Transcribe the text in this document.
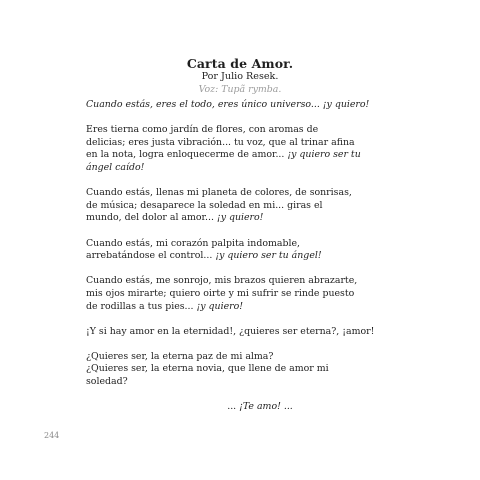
Carta de Amor.
Por Julio Resek.
Voz: Tupã rymba.
Cuando estás, eres el todo, eres único universo... ¡y quiero!
Eres tierna como jardín de flores, con aromas de
delicias; eres justa vibración... tu voz, que al trinar afina
en la nota, logra enloquecerme de amor... ¡y quiero ser tu
ángel caído!
Cuando estás, llenas mi planeta de colores, de sonrisas,
de música; desaparece la soledad en mi... giras el
mundo, del dolor al amor... ¡y quiero!
Cuando estás, mi corazón palpita indomable,
arrebatándose el control... ¡y quiero ser tu ángel!
Cuando estás, me sonrojo, mis brazos quieren abrazarte,
mis ojos mirarte; quiero oirte y mi sufrir se rinde puesto
de rodillas a tus pies... ¡y quiero!
¡Y si hay amor en la eternidad!, ¿quieres ser eterna?, ¡amor!
¿Quieres ser, la eterna paz de mi alma?
¿Quieres ser, la eterna novia, que llene de amor mi
soledad?
... ¡Te amo! ...
244
